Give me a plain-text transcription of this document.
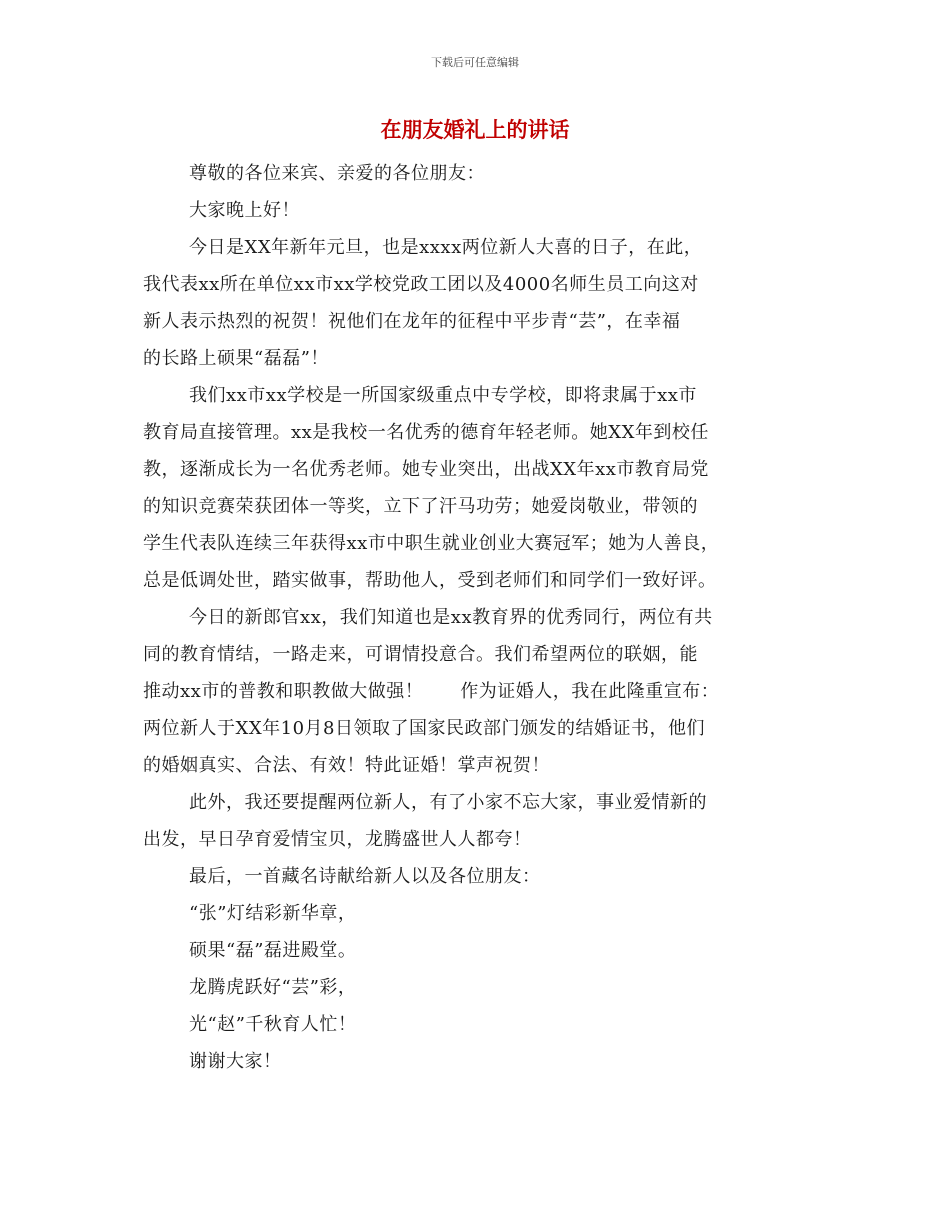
下载后可任意编辑
在朋友婚礼上的讲话
尊敬的各位来宾、亲爱的各位朋友：
大家晚上好！
今日是XX年新年元旦，也是xxxx两位新人大喜的日子，在此，
我代表xx所在单位xx市xx学校党政工团以及4000名师生员工向这对
新人表示热烈的祝贺！祝他们在龙年的征程中平步青“芸”，在幸福
的长路上硕果“磊磊”！
我们xx市xx学校是一所国家级重点中专学校，即将隶属于xx市
教育局直接管理。xx是我校一名优秀的德育年轻老师。她XX年到校任
教，逐渐成长为一名优秀老师。她专业突出，出战XX年xx市教育局党
的知识竞赛荣获团体一等奖，立下了汗马功劳；她爱岗敬业，带领的
学生代表队连续三年获得xx市中职生就业创业大赛冠军；她为人善良，
总是低调处世，踏实做事，帮助他人，受到老师们和同学们一致好评。
今日的新郎官xx，我们知道也是xx教育界的优秀同行，两位有共
同的教育情结，一路走来，可谓情投意合。我们希望两位的联姻，能
推动xx市的普教和职教做大做强！　　作为证婚人，我在此隆重宣布：
两位新人于XX年10月8日领取了国家民政部门颁发的结婚证书，他们
的婚姻真实、合法、有效！特此证婚！掌声祝贺！
此外，我还要提醒两位新人，有了小家不忘大家，事业爱情新的
出发，早日孕育爱情宝贝，龙腾盛世人人都夸！
最后，一首藏名诗献给新人以及各位朋友：
“张”灯结彩新华章，
硕果“磊”磊进殿堂。
龙腾虎跃好“芸”彩，
光“赵”千秋育人忙！
谢谢大家！
